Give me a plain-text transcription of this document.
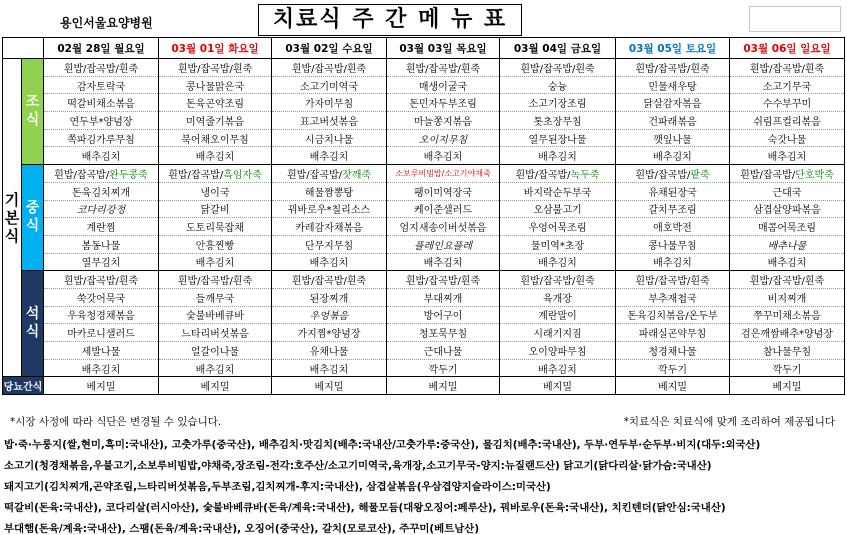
용인서울요양병원	치료식 주 간 메 뉴 표
		02월 28일 월요일	03월 01일 화요일	03월 02일 수요일	03월 03일 목요일	03월 04일 금요일	03월 05일 토요일	03월 06일 일요일
기
본
식	조
식	흰밥/잡곡밥/흰죽	흰밥/잡곡밥/흰죽	흰밥/잡곡밥/흰죽	흰밥/잡곡밥/흰죽	흰밥/잡곡밥/흰죽	흰밥/잡곡밥/흰죽	흰밥/잡곡밥/흰죽
		감자토락국	콩나물맑은국	소고기미역국	매생이굴국	숭늉	민물새우탕	소고기무국
		떡갈비채소볶음	돈육곤약조림	가자미무침	돈민자두부조림	소고기장조림	닭살감자볶음	수수부꾸미
		연두부*양념장	미역줄기볶음	표고버섯볶음	마늘쫑지볶음	톳초장무침	건파래볶음	쉬림프컬리볶음
		쪽파김가루무침	북어채오이무침	시금치나물	오이지무침	열무된장나물	깻잎나물	숙갓나물
		배추김치	배추김치	배추김치	배추김치	배추김치	배추김치	배추김치
	중
식	흰밥/잡곡밥/완두콩죽	흰밥/잡곡밥/흑임자죽	흰밥/잡곡밥/잣깨죽	소보루비빔밥/소고기야채죽	흰밥/잡곡밥/녹두죽	흰밥/잡곡밥/팥죽	흰밥/잡곡밥/단호박죽
		돈육김치찌개	냉이국	해물짬뽕탕	팽이미역장국	바지락순두부국	유채된장국	근대국
		코다리강정	닭갈비	꿔바로우*칠리소스	케이준샐러드	오삼불고기	갈치무조림	삼겹살양파볶음
		계란찜	도토리묵잡채	카레감자채볶음	엄지새송이버섯볶음	우엉어묵조림	애호박전	매콤어묵조림
		봄동나물	안흥찐빵	단무지무침	플레인요플레	물미역*초장	콩나물무침	배추나물
		열무김치	배추김치	배추김치	배추김치	배추김치	배추김치	배추김치
	석
식	흰밥/잡곡밥/흰죽	흰밥/잡곡밥/흰죽	흰밥/잡곡밥/흰죽	흰밥/잡곡밥/흰죽	흰밥/잡곡밥/흰죽	흰밥/잡곡밥/흰죽	흰밥/잡곡밥/흰죽
		쑥갓어묵국	들깨무국	된장찌개	부대찌개	육개장	부추재첩국	비지찌개
		우육청경채볶음	숯불바베큐바	우엉볶음	방어구이	계란말이	돈육김치볶음/온두부	쭈꾸미채소볶음
		마카로니샐러드	느타리버섯볶음	가지찜*양념장	청포묵무침	시래기지짐	파래실곤약무침	검은깨쌈배추*양념장
		세발나물	얼갈이나물	유채나물	근대나물	오이양파무침	청경채나물	참나물무침
		배추김치	배추김치	배추김치	깍두기	배추김치	깍두기	깍두기
당뇨간식		베지밀	베지밀	베지밀	베지밀	베지밀	베지밀	베지밀
*시장 사정에 따라 식단은 변경될 수 있습니다.	*치료식은 치료식에 맞게 조리하여 제공됩니다
밥·죽·누룽지(쌀,현미,흑미:국내산), 고춧가루(중국산), 배추김치·맛김치(배추:국내산/고춧가루:중국산), 물김치(배추:국내산), 두부·연두부·순두부·비지(대두:외국산)
소고기(청경채볶음,우불고기,소보루비빔밥,야채죽,장조림-전각:호주산/소고기미역국,육개장,소고기무국-양지:뉴질랜드산) 닭고기(닭다리살·닭가슴:국내산)
돼지고기(김치찌개,곤약조림,느타리버섯볶음,두부조림,김치찌개-후지:국내산), 삼겹살볶음(우삼겹양지슬라이스:미국산)
떡갈비(돈육:국내산), 코다리살(러시아산), 숯불바베큐바(돈육/계육:국내산), 해물모듬(대왕오징어:페루산), 꿔바로우(돈육:국내산), 치킨텐더(닭안심:국내산)
부대햄(돈육/계육:국내산), 스팸(돈육/계육:국내산), 오징어(중국산), 갈치(모로코산), 주꾸미(베트남산)
